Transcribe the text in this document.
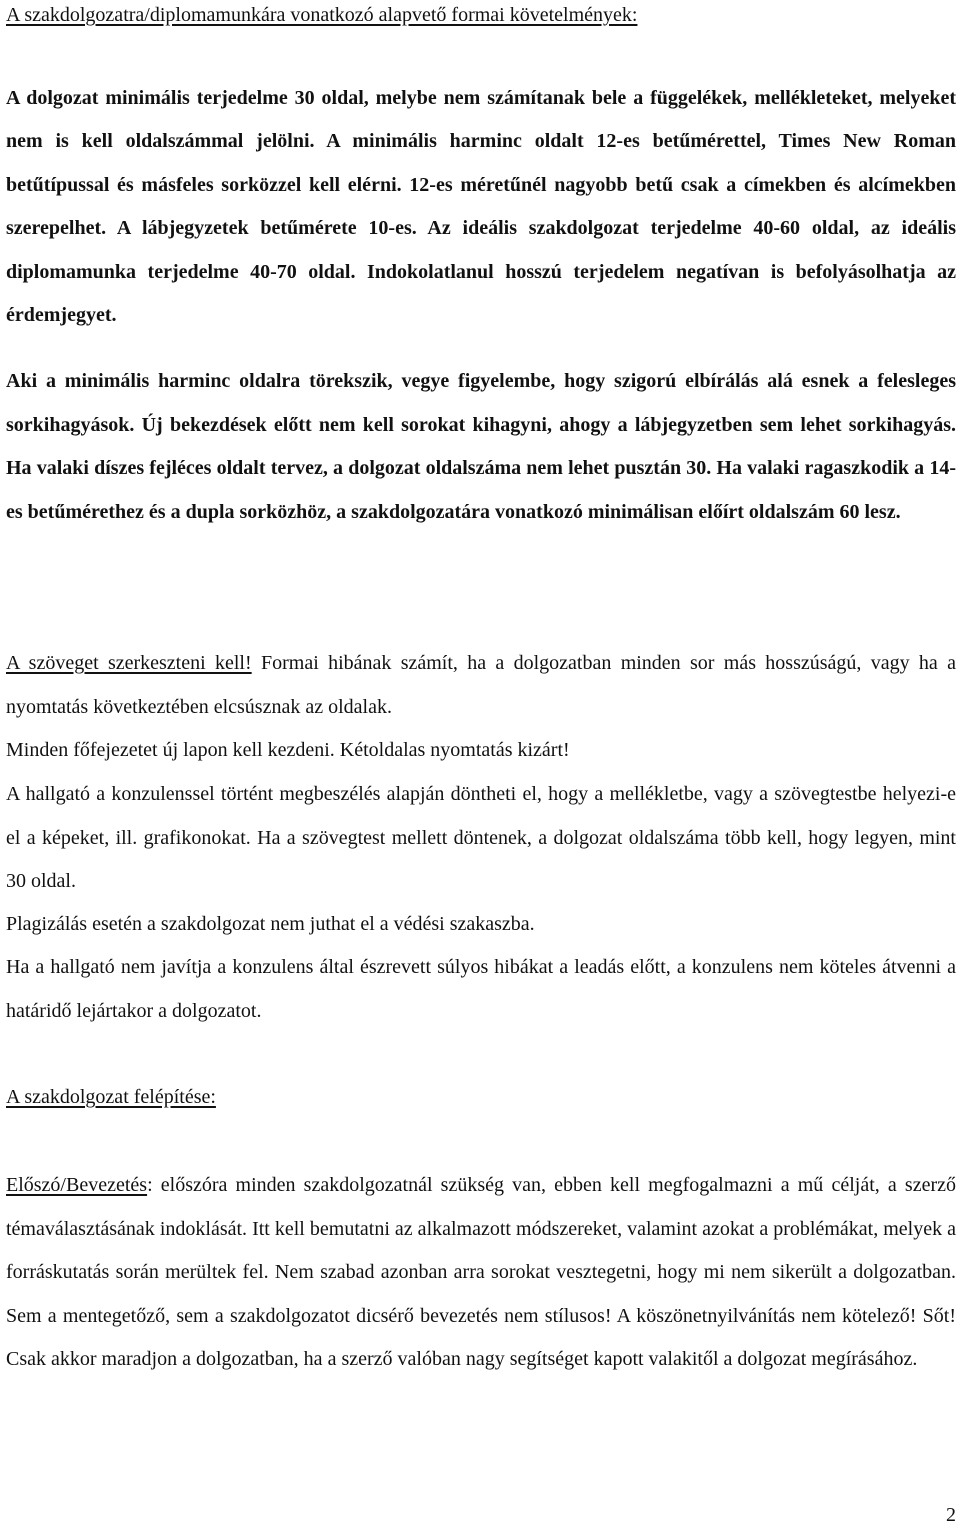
A szakdolgozatra/diplomamunkára vonatkozó alapvető formai követelmények:

A dolgozat minimális terjedelme 30 oldal, melybe nem számítanak bele a függelékek, mellékleteket, melyeket nem is kell oldalszámmal jelölni. A minimális harminc oldalt 12-es betűmérettel, Times New Roman betűtípussal és másfeles sorközzel kell elérni. 12-es méretűnél nagyobb betű csak a címekben és alcímekben szerepelhet. A lábjegyzetek betűmérete 10-es. Az ideális szakdolgozat terjedelme 40-60 oldal, az ideális diplomamunka terjedelme 40-70 oldal. Indokolatlanul hosszú terjedelem negatívan is befolyásolhatja az érdemjegyet.

Aki a minimális harminc oldalra törekszik, vegye figyelembe, hogy szigorú elbírálás alá esnek a felesleges sorkihagyások. Új bekezdések előtt nem kell sorokat kihagyni, ahogy a lábjegyzetben sem lehet sorkihagyás. Ha valaki díszes fejléces oldalt tervez, a dolgozat oldalszáma nem lehet pusztán 30. Ha valaki ragaszkodik a 14-es betűmérethez és a dupla sorközhöz, a szakdolgozatára vonatkozó minimálisan előírt oldalszám 60 lesz.

A szöveget szerkeszteni kell! Formai hibának számít, ha a dolgozatban minden sor más hosszúságú, vagy ha a nyomtatás következtében elcsúsznak az oldalak.

Minden főfejezetet új lapon kell kezdeni. Kétoldalas nyomtatás kizárt!

A hallgató a konzulenssel történt megbeszélés alapján döntheti el, hogy a mellékletbe, vagy a szövegtestbe helyezi-e el a képeket, ill. grafikonokat. Ha a szövegtest mellett döntenek, a dolgozat oldalszáma több kell, hogy legyen, mint 30 oldal.

Plagizálás esetén a szakdolgozat nem juthat el a védési szakaszba.

Ha a hallgató nem javítja a konzulens által észrevett súlyos hibákat a leadás előtt, a konzulens nem köteles átvenni a határidő lejártakor a dolgozatot.

A szakdolgozat felépítése:

Előszó/Bevezetés: előszóra minden szakdolgozatnál szükség van, ebben kell megfogalmazni a mű célját, a szerző témaválasztásának indoklását. Itt kell bemutatni az alkalmazott módszereket, valamint azokat a problémákat, melyek a forráskutatás során merültek fel. Nem szabad azonban arra sorokat vesztegetni, hogy mi nem sikerült a dolgozatban. Sem a mentegetőző, sem a szakdolgozatot dicsérő bevezetés nem stílusos! A köszönetnyilvánítás nem kötelező! Sőt! Csak akkor maradjon a dolgozatban, ha a szerző valóban nagy segítséget kapott valakitől a dolgozat megírásához.

2
